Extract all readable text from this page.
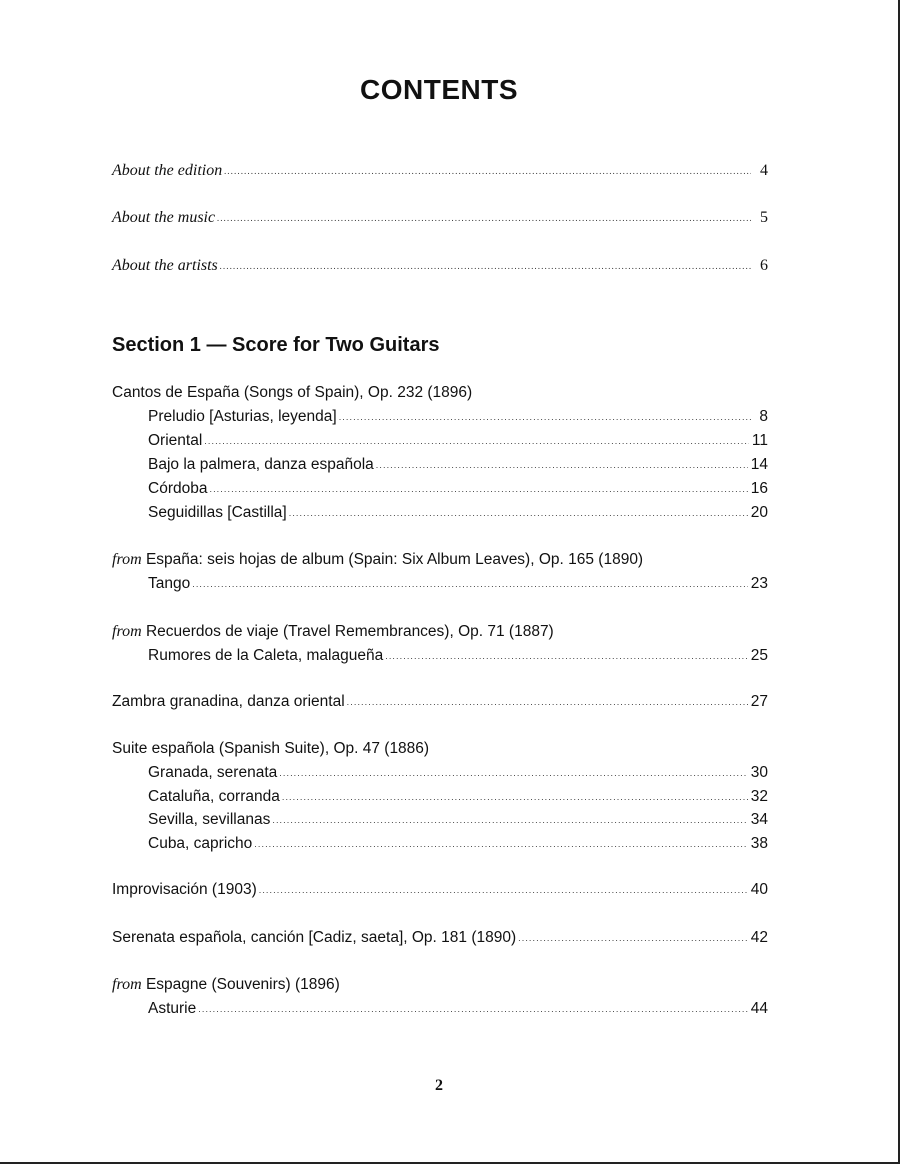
CONTENTS
About the edition .....	4
About the music .....	5
About the artists .....	6
Section 1 — Score for Two Guitars
Cantos de España (Songs of Spain), Op. 232 (1896)
Preludio [Asturias, leyenda] .....	8
Oriental .....	11
Bajo la palmera, danza española .....	14
Córdoba .....	16
Seguidillas [Castilla] .....	20
from España: seis hojas de album (Spain: Six Album Leaves), Op. 165 (1890)
Tango .....	23
from Recuerdos de viaje (Travel Remembrances), Op. 71 (1887)
Rumores de la Caleta, malagueña .....	25
Zambra granadina, danza oriental .....	27
Suite española (Spanish Suite), Op. 47 (1886)
Granada, serenata .....	30
Cataluña, corranda .....	32
Sevilla, sevillanas .....	34
Cuba, capricho .....	38
Improvisación (1903) .....	40
Serenata española, canción [Cadiz, saeta], Op. 181 (1890) .....	42
from Espagne (Souvenirs) (1896)
Asturie .....	44
2
